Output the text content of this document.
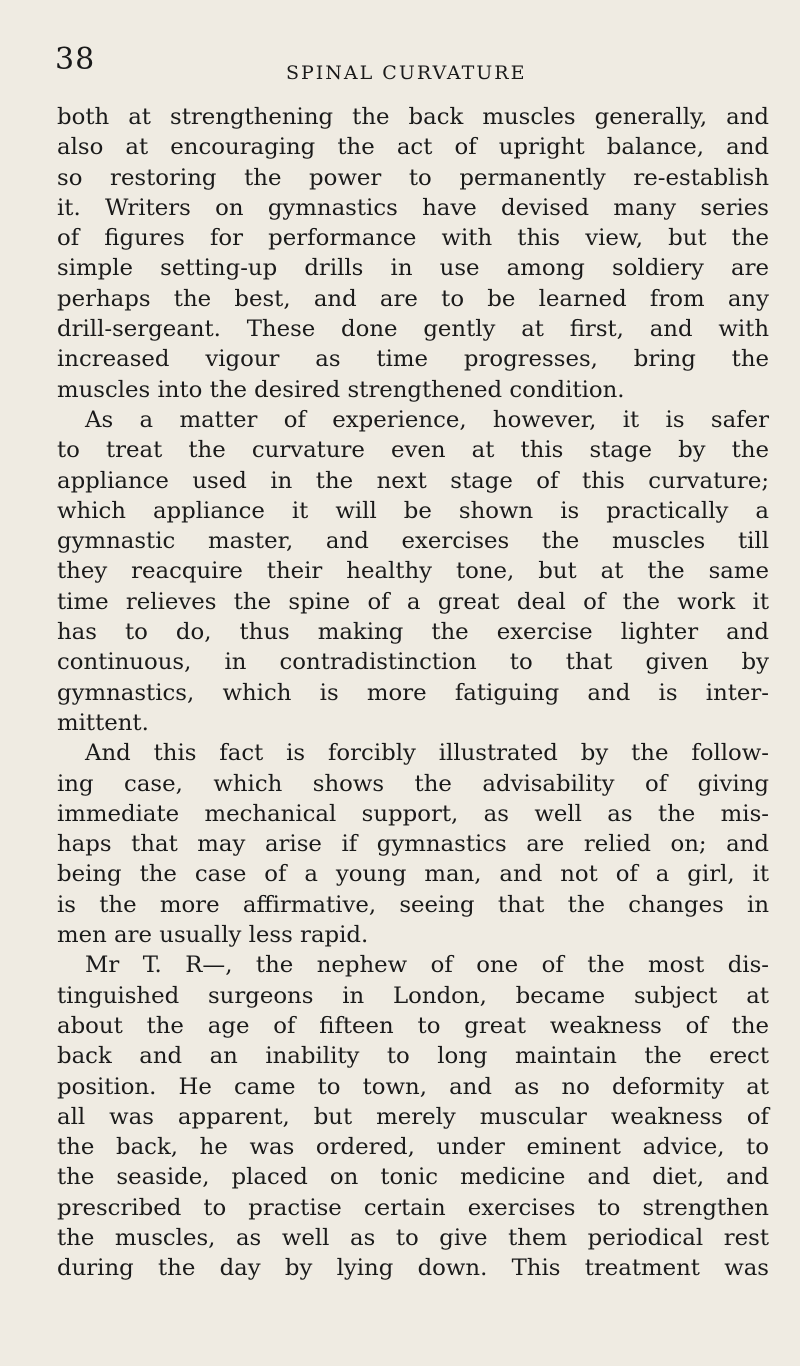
38	SPINAL CURVATURE
both at strengthening the back muscles generally, and
also at encouraging the act of upright balance, and
so restoring the power to permanently re-establish
it. Writers on gymnastics have devised many series
of figures for performance with this view, but the
simple setting-up drills in use among soldiery are
perhaps the best, and are to be learned from any
drill-sergeant. These done gently at first, and with
increased vigour as time progresses, bring the
muscles into the desired strengthened condition.
As a matter of experience, however, it is safer
to treat the curvature even at this stage by the
appliance used in the next stage of this curvature;
which appliance it will be shown is practically a
gymnastic master, and exercises the muscles till
they reacquire their healthy tone, but at the same
time relieves the spine of a great deal of the work it
has to do, thus making the exercise lighter and
continuous, in contradistinction to that given by
gymnastics, which is more fatiguing and is inter-
mittent.
And this fact is forcibly illustrated by the follow-
ing case, which shows the advisability of giving
immediate mechanical support, as well as the mis-
haps that may arise if gymnastics are relied on; and
being the case of a young man, and not of a girl, it
is the more affirmative, seeing that the changes in
men are usually less rapid.
Mr T. R—, the nephew of one of the most dis-
tinguished surgeons in London, became subject at
about the age of fifteen to great weakness of the
back and an inability to long maintain the erect
position. He came to town, and as no deformity at
all was apparent, but merely muscular weakness of
the back, he was ordered, under eminent advice, to
the seaside, placed on tonic medicine and diet, and
prescribed to practise certain exercises to strengthen
the muscles, as well as to give them periodical rest
during the day by lying down. This treatment was
